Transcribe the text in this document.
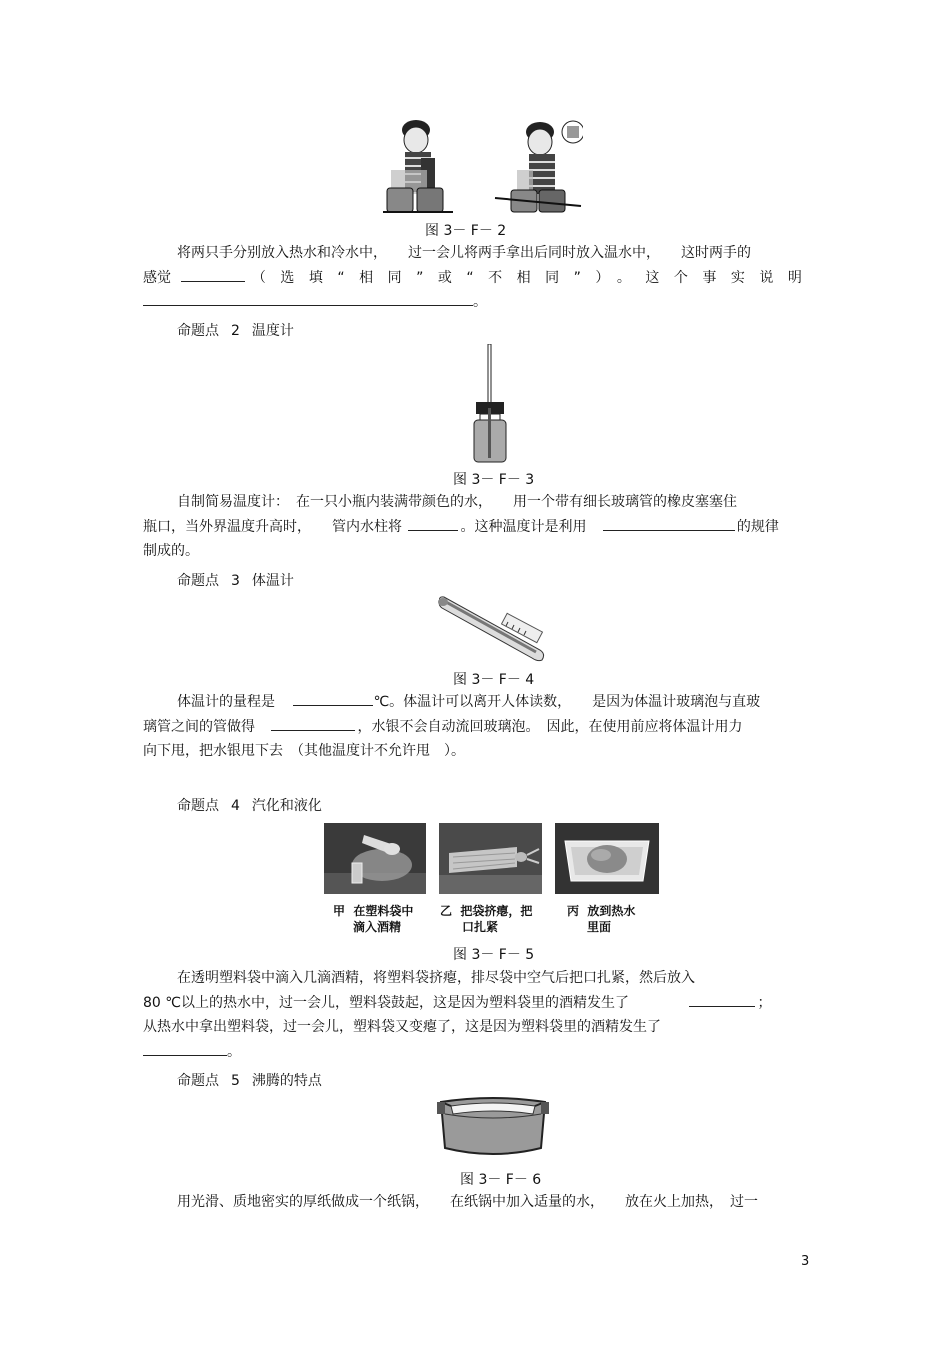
图 3－ F－ 2
将两只手分别放入热水和冷水中，　　过一会儿将两手拿出后同时放入温水中，　　这时两手的
感觉	（选填“相同”或“不相同”）。这个事实说明
。
命题点 2 温度计
图 3－ F－ 3
自制简易温度计：　在一只小瓶内装满带颜色的水，　　用一个带有细长玻璃管的橡皮塞塞住
瓶口，当外界温度升高时，　　管内水柱将	。这种温度计是利用	的规律
制成的。
命题点 3 体温计
图 3－ F－ 4
体温计的量程是	℃。体温计可以离开人体读数，　　是因为体温计玻璃泡与直玻
璃管之间的管做得	，水银不会自动流回玻璃泡。　因此，在使用前应将体温计用力
向下甩，把水银甩下去　（其他温度计不允许甩　）。
命题点 4 汽化和液化
甲 在塑料袋中
滴入酒精
乙 把袋挤瘪，把
口扎紧
丙 放到热水
里面
图 3－ F－ 5
在透明塑料袋中滴入几滴酒精，将塑料袋挤瘪，排尽袋中空气后把口扎紧，然后放入
80 ℃以上的热水中，过一会儿，塑料袋鼓起，这是因为塑料袋里的酒精发生了	；
从热水中拿出塑料袋，过一会儿，塑料袋又变瘪了，这是因为塑料袋里的酒精发生了
。
命题点 5 沸腾的特点
图 3－ F－ 6
用光滑、质地密实的厚纸做成一个纸锅，　　在纸锅中加入适量的水，　　放在火上加热，　过一
3
